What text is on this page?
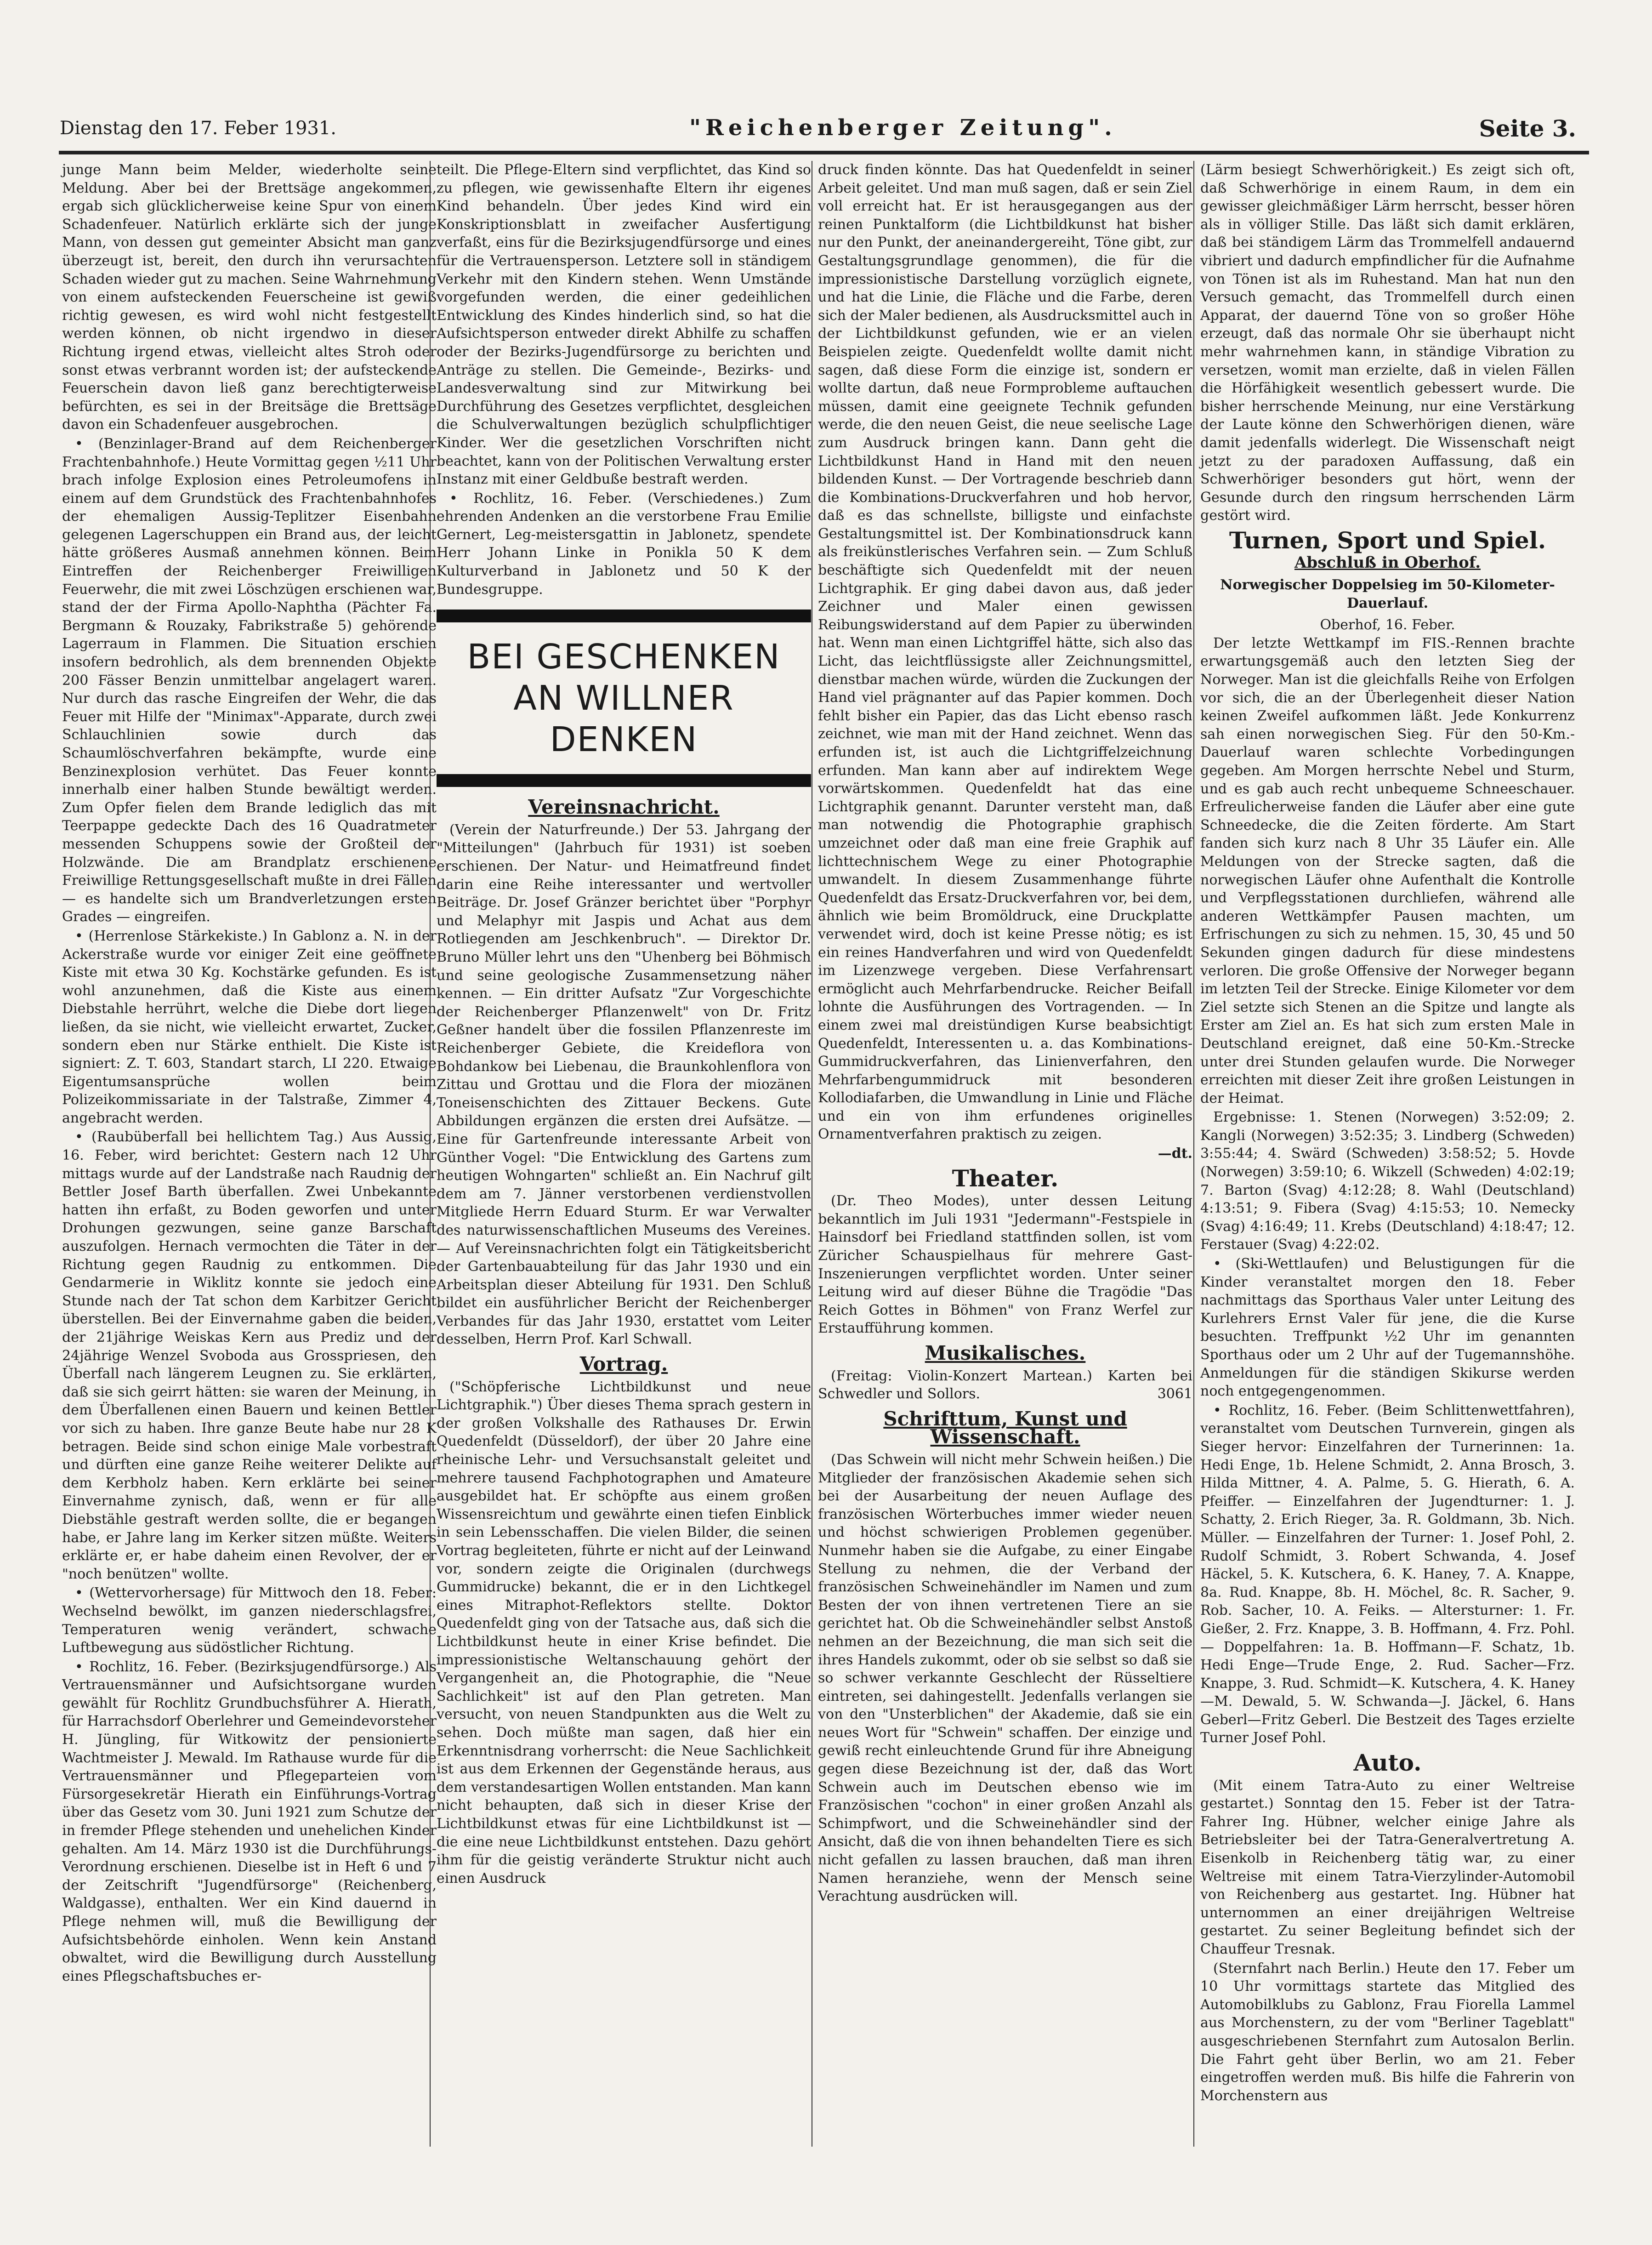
Dienstag den 17. Feber 1931.	"Reichenberger Zeitung".	Seite 3.

junge Mann beim Melder, wiederholte seine Meldung. Aber bei der Brettsäge angekommen, ergab sich glücklicherweise keine Spur von einem Schadenfeuer. Natürlich erklärte sich der junge Mann, von dessen gut gemeinter Absicht man ganz überzeugt ist, bereit, den durch ihn verursachten Schaden wieder gut zu machen. Seine Wahrnehmung von einem aufsteckenden Feuerscheine ist gewiß richtig gewesen, es wird wohl nicht festgestellt werden können, ob nicht irgendwo in dieser Richtung irgend etwas, vielleicht altes Stroh oder sonst etwas verbrannt worden ist; der aufsteckende Feuerschein davon ließ ganz berechtigterweise befürchten, es sei in der Breitsäge die Brettsäge davon ein Schadenfeuer ausgebrochen.

• (Benzinlager-Brand auf dem Reichenberger Frachtenbahnhofe.) Heute Vormittag gegen ½11 Uhr brach infolge Explosion eines Petroleumofens in einem auf dem Grundstück des Frachtenbahnhofes der ehemaligen Aussig-Teplitzer Eisenbahn gelegenen Lagerschuppen ein Brand aus, der leicht hätte größeres Ausmaß annehmen können. Beim Eintreffen der Reichenberger Freiwilligen Feuerwehr, die mit zwei Löschzügen erschienen war, stand der der Firma Apollo-Naphtha (Pächter Fa. Bergmann & Rouzaky, Fabrikstraße 5) gehörende Lagerraum in Flammen. Die Situation erschien insofern bedrohlich, als dem brennenden Objekte 200 Fässer Benzin unmittelbar angelagert waren. Nur durch das rasche Eingreifen der Wehr, die das Feuer mit Hilfe der "Minimax"-Apparate, durch zwei Schlauchlinien sowie durch das Schaumlöschverfahren bekämpfte, wurde eine Benzinexplosion verhütet. Das Feuer konnte innerhalb einer halben Stunde bewältigt werden. Zum Opfer fielen dem Brande lediglich das mit Teerpappe gedeckte Dach des 16 Quadratmeter messenden Schuppens sowie der Großteil der Holzwände. Die am Brandplatz erschienene Freiwillige Rettungsgesellschaft mußte in drei Fällen — es handelte sich um Brandverletzungen ersten Grades — eingreifen.

• (Herrenlose Stärkekiste.) In Gablonz a. N. in der Ackerstraße wurde vor einiger Zeit eine geöffnete Kiste mit etwa 30 Kg. Kochstärke gefunden. Es ist wohl anzunehmen, daß die Kiste aus einem Diebstahle herrührt, welche die Diebe dort liegen ließen, da sie nicht, wie vielleicht erwartet, Zucker, sondern eben nur Stärke enthielt. Die Kiste ist signiert: Z. T. 603, Standart starch, LI 220. Etwaige Eigentumsansprüche wollen beim Polizeikommissariate in der Talstraße, Zimmer 4, angebracht werden.

• (Raubüberfall bei hellichtem Tag.) Aus Aussig, 16. Feber, wird berichtet: Gestern nach 12 Uhr mittags wurde auf der Landstraße nach Raudnig der Bettler Josef Barth überfallen. Zwei Unbekannte hatten ihn erfaßt, zu Boden geworfen und unter Drohungen gezwungen, seine ganze Barschaft auszufolgen. Hernach vermochten die Täter in der Richtung gegen Raudnig zu entkommen. Die Gendarmerie in Wiklitz konnte sie jedoch eine Stunde nach der Tat schon dem Karbitzer Gericht überstellen. Bei der Einvernahme gaben die beiden, der 21jährige Weiskas Kern aus Prediz und der 24jährige Wenzel Svoboda aus Grosspriesen, den Überfall nach längerem Leugnen zu. Sie erklärten, daß sie sich geirrt hätten: sie waren der Meinung, in dem Überfallenen einen Bauern und keinen Bettler vor sich zu haben. Ihre ganze Beute habe nur 28 K betragen. Beide sind schon einige Male vorbestraft und dürften eine ganze Reihe weiterer Delikte auf dem Kerbholz haben. Kern erklärte bei seiner Einvernahme zynisch, daß, wenn er für alle Diebstähle gestraft werden sollte, die er begangen habe, er Jahre lang im Kerker sitzen müßte. Weiters erklärte er, er habe daheim einen Revolver, der er "noch benützen" wollte.

• (Wettervorhersage) für Mittwoch den 18. Feber: Wechselnd bewölkt, im ganzen niederschlagsfrei, Temperaturen wenig verändert, schwache Luftbewegung aus südöstlicher Richtung.

• Rochlitz, 16. Feber. (Bezirksjugendfürsorge.) Als Vertrauensmänner und Aufsichtsorgane wurden gewählt für Rochlitz Grundbuchsführer A. Hierath, für Harrachsdorf Oberlehrer und Gemeindevorsteher H. Jüngling, für Witkowitz der pensionierte Wachtmeister J. Mewald. Im Rathause wurde für die Vertrauensmänner und Pflegeparteien vom Fürsorgesekretär Hierath ein Einführungs-Vortrag über das Gesetz vom 30. Juni 1921 zum Schutze der in fremder Pflege stehenden und unehelichen Kinder gehalten. Am 14. März 1930 ist die Durchführungs-Verordnung erschienen. Dieselbe ist in Heft 6 und 7 der Zeitschrift "Jugendfürsorge" (Reichenberg, Waldgasse), enthalten. Wer ein Kind dauernd in Pflege nehmen will, muß die Bewilligung der Aufsichtsbehörde einholen. Wenn kein Anstand obwaltet, wird die Bewilligung durch Ausstellung eines Pflegschaftsbuches er-

teilt. Die Pflege-Eltern sind verpflichtet, das Kind so zu pflegen, wie gewissenhafte Eltern ihr eigenes Kind behandeln. Über jedes Kind wird ein Konskriptionsblatt in zweifacher Ausfertigung verfaßt, eins für die Bezirksjugendfürsorge und eines für die Vertrauensperson. Letztere soll in ständigem Verkehr mit den Kindern stehen. Wenn Umstände vorgefunden werden, die einer gedeihlichen Entwicklung des Kindes hinderlich sind, so hat die Aufsichtsperson entweder direkt Abhilfe zu schaffen oder der Bezirks-Jugendfürsorge zu berichten und Anträge zu stellen. Die Gemeinde-, Bezirks- und Landesverwaltung sind zur Mitwirkung bei Durchführung des Gesetzes verpflichtet, desgleichen die Schulverwaltungen bezüglich schulpflichtiger Kinder. Wer die gesetzlichen Vorschriften nicht beachtet, kann von der Politischen Verwaltung erster Instanz mit einer Geldbuße bestraft werden.

• Rochlitz, 16. Feber. (Verschiedenes.) Zum ehrenden Andenken an die verstorbene Frau Emilie Gernert, Leg-meistersgattin in Jablonetz, spendete Herr Johann Linke in Ponikla 50 K dem Kulturverband in Jablonetz und 50 K der Bundesgruppe.

BEI GESCHENKEN
AN WILLNER DENKEN
Vereinsnachricht.

(Verein der Naturfreunde.) Der 53. Jahrgang der "Mitteilungen" (Jahrbuch für 1931) ist soeben erschienen. Der Natur- und Heimatfreund findet darin eine Reihe interessanter und wertvoller Beiträge. Dr. Josef Gränzer berichtet über "Porphyr und Melaphyr mit Jaspis und Achat aus dem Rotliegenden am Jeschkenbruch". — Direktor Dr. Bruno Müller lehrt uns den "Uhenberg bei Böhmisch und seine geologische Zusammensetzung näher kennen. — Ein dritter Aufsatz "Zur Vorgeschichte der Reichenberger Pflanzenwelt" von Dr. Fritz Geßner handelt über die fossilen Pflanzenreste im Reichenberger Gebiete, die Kreideflora von Bohdankow bei Liebenau, die Braunkohlenflora von Zittau und Grottau und die Flora der miozänen Toneisenschichten des Zittauer Beckens. Gute Abbildungen ergänzen die ersten drei Aufsätze. — Eine für Gartenfreunde interessante Arbeit von Günther Vogel: "Die Entwicklung des Gartens zum heutigen Wohngarten" schließt an. Ein Nachruf gilt dem am 7. Jänner verstorbenen verdienstvollen Mitgliede Herrn Eduard Sturm. Er war Verwalter des naturwissenschaftlichen Museums des Vereines. — Auf Vereinsnachrichten folgt ein Tätigkeitsbericht der Gartenbauabteilung für das Jahr 1930 und ein Arbeitsplan dieser Abteilung für 1931. Den Schluß bildet ein ausführlicher Bericht der Reichenberger Verbandes für das Jahr 1930, erstattet vom Leiter desselben, Herrn Prof. Karl Schwall.

Vortrag.

("Schöpferische Lichtbildkunst und neue Lichtgraphik.") Über dieses Thema sprach gestern in der großen Volkshalle des Rathauses Dr. Erwin Quedenfeldt (Düsseldorf), der über 20 Jahre eine rheinische Lehr- und Versuchsanstalt geleitet und mehrere tausend Fachphotographen und Amateure ausgebildet hat. Er schöpfte aus einem großen Wissensreichtum und gewährte einen tiefen Einblick in sein Lebensschaffen. Die vielen Bilder, die seinen Vortrag begleiteten, führte er nicht auf der Leinwand vor, sondern zeigte die Originalen (durchwegs Gummidrucke) bekannt, die er in den Lichtkegel eines Mitraphot-Reflektors stellte. Doktor Quedenfeldt ging von der Tatsache aus, daß sich die Lichtbildkunst heute in einer Krise befindet. Die impressionistische Weltanschauung gehört der Vergangenheit an, die Photographie, die "Neue Sachlichkeit" ist auf den Plan getreten. Man versucht, von neuen Standpunkten aus die Welt zu sehen. Doch müßte man sagen, daß hier ein Erkenntnisdrang vorherrscht: die Neue Sachlichkeit ist aus dem Erkennen der Gegenstände heraus, aus dem verstandesartigen Wollen entstanden. Man kann nicht behaupten, daß sich in dieser Krise der Lichtbildkunst etwas für eine Lichtbildkunst ist — die eine neue Lichtbildkunst entstehen. Dazu gehört ihm für die geistig veränderte Struktur nicht auch einen Ausdruck

druck finden könnte. Das hat Quedenfeldt in seiner Arbeit geleitet. Und man muß sagen, daß er sein Ziel voll erreicht hat. Er ist herausgegangen aus der reinen Punktalform (die Lichtbildkunst hat bisher nur den Punkt, der aneinandergereiht, Töne gibt, zur Gestaltungsgrundlage genommen), die für die impressionistische Darstellung vorzüglich eignete, und hat die Linie, die Fläche und die Farbe, deren sich der Maler bedienen, als Ausdrucksmittel auch in der Lichtbildkunst gefunden, wie er an vielen Beispielen zeigte. Quedenfeldt wollte damit nicht sagen, daß diese Form die einzige ist, sondern er wollte dartun, daß neue Formprobleme auftauchen müssen, damit eine geeignete Technik gefunden werde, die den neuen Geist, die neue seelische Lage zum Ausdruck bringen kann. Dann geht die Lichtbildkunst Hand in Hand mit den neuen bildenden Kunst. — Der Vortragende beschrieb dann die Kombinations-Druckverfahren und hob hervor, daß es das schnellste, billigste und einfachste Gestaltungsmittel ist. Der Kombinationsdruck kann als freikünstlerisches Verfahren sein. — Zum Schluß beschäftigte sich Quedenfeldt mit der neuen Lichtgraphik. Er ging dabei davon aus, daß jeder Zeichner und Maler einen gewissen Reibungswiderstand auf dem Papier zu überwinden hat. Wenn man einen Lichtgriffel hätte, sich also das Licht, das leichtflüssigste aller Zeichnungsmittel, dienstbar machen würde, würden die Zuckungen der Hand viel prägnanter auf das Papier kommen. Doch fehlt bisher ein Papier, das das Licht ebenso rasch zeichnet, wie man mit der Hand zeichnet. Wenn das erfunden ist, ist auch die Lichtgriffelzeichnung erfunden. Man kann aber auf indirektem Wege vorwärtskommen. Quedenfeldt hat das eine Lichtgraphik genannt. Darunter versteht man, daß man notwendig die Photographie graphisch umzeichnet oder daß man eine freie Graphik auf lichttechnischem Wege zu einer Photographie umwandelt. In diesem Zusammenhange führte Quedenfeldt das Ersatz-Druckverfahren vor, bei dem, ähnlich wie beim Bromöldruck, eine Druckplatte verwendet wird, doch ist keine Presse nötig; es ist ein reines Handverfahren und wird von Quedenfeldt im Lizenzwege vergeben. Diese Verfahrensart ermöglicht auch Mehrfarbendrucke. Reicher Beifall lohnte die Ausführungen des Vortragenden. — In einem zwei mal dreistündigen Kurse beabsichtigt Quedenfeldt, Interessenten u. a. das Kombinations-Gummidruckverfahren, das Linienverfahren, den Mehrfarbengummidruck mit besonderen Kollodiafarben, die Umwandlung in Linie und Fläche und ein von ihm erfundenes originelles Ornamentverfahren praktisch zu zeigen.

—dt.
Theater.

(Dr. Theo Modes), unter dessen Leitung bekanntlich im Juli 1931 "Jedermann"-Festspiele in Hainsdorf bei Friedland stattfinden sollen, ist vom Züricher Schauspielhaus für mehrere Gast-Inszenierungen verpflichtet worden. Unter seiner Leitung wird auf dieser Bühne die Tragödie "Das Reich Gottes in Böhmen" von Franz Werfel zur Erstaufführung kommen.

Musikalisches.

(Freitag: Violin-Konzert Martean.) Karten bei Schwedler und Sollors.	3061

Schrifttum, Kunst und Wissenschaft.

(Das Schwein will nicht mehr Schwein heißen.) Die Mitglieder der französischen Akademie sehen sich bei der Ausarbeitung der neuen Auflage des französischen Wörterbuches immer wieder neuen und höchst schwierigen Problemen gegenüber. Nunmehr haben sie die Aufgabe, zu einer Eingabe Stellung zu nehmen, die der Verband der französischen Schweinehändler im Namen und zum Besten der von ihnen vertretenen Tiere an sie gerichtet hat. Ob die Schweinehändler selbst Anstoß nehmen an der Bezeichnung, die man sich seit die ihres Handels zukommt, oder ob sie selbst so daß sie so schwer verkannte Geschlecht der Rüsseltiere eintreten, sei dahingestellt. Jedenfalls verlangen sie von den "Unsterblichen" der Akademie, daß sie ein neues Wort für "Schwein" schaffen. Der einzige und gewiß recht einleuchtende Grund für ihre Abneigung gegen diese Bezeichnung ist der, daß das Wort Schwein auch im Deutschen ebenso wie im Französischen "cochon" in einer großen Anzahl als Schimpfwort, und die Schweinehändler sind der Ansicht, daß die von ihnen behandelten Tiere es sich nicht gefallen zu lassen brauchen, daß man ihren Namen heranziehe, wenn der Mensch seine Verachtung ausdrücken will.

(Lärm besiegt Schwerhörigkeit.) Es zeigt sich oft, daß Schwerhörige in einem Raum, in dem ein gewisser gleichmäßiger Lärm herrscht, besser hören als in völliger Stille. Das läßt sich damit erklären, daß bei ständigem Lärm das Trommelfell andauernd vibriert und dadurch empfindlicher für die Aufnahme von Tönen ist als im Ruhestand. Man hat nun den Versuch gemacht, das Trommelfell durch einen Apparat, der dauernd Töne von so großer Höhe erzeugt, daß das normale Ohr sie überhaupt nicht mehr wahrnehmen kann, in ständige Vibration zu versetzen, womit man erzielte, daß in vielen Fällen die Hörfähigkeit wesentlich gebessert wurde. Die bisher herrschende Meinung, nur eine Verstärkung der Laute könne den Schwerhörigen dienen, wäre damit jedenfalls widerlegt. Die Wissenschaft neigt jetzt zu der paradoxen Auffassung, daß ein Schwerhöriger besonders gut hört, wenn der Gesunde durch den ringsum herrschenden Lärm gestört wird.

Turnen, Sport und Spiel.
Abschluß in Oberhof.
Norwegischer Doppelsieg im 50-Kilometer-Dauerlauf.
Oberhof, 16. Feber.

Der letzte Wettkampf im FIS.-Rennen brachte erwartungsgemäß auch den letzten Sieg der Norweger. Man ist die gleichfalls Reihe von Erfolgen vor sich, die an der Überlegenheit dieser Nation keinen Zweifel aufkommen läßt. Jede Konkurrenz sah einen norwegischen Sieg. Für den 50-Km.-Dauerlauf waren schlechte Vorbedingungen gegeben. Am Morgen herrschte Nebel und Sturm, und es gab auch recht unbequeme Schneeschauer. Erfreulicherweise fanden die Läufer aber eine gute Schneedecke, die die Zeiten förderte. Am Start fanden sich kurz nach 8 Uhr 35 Läufer ein. Alle Meldungen von der Strecke sagten, daß die norwegischen Läufer ohne Aufenthalt die Kontrolle und Verpflegsstationen durchliefen, während alle anderen Wettkämpfer Pausen machten, um Erfrischungen zu sich zu nehmen. 15, 30, 45 und 50 Sekunden gingen dadurch für diese mindestens verloren. Die große Offensive der Norweger begann im letzten Teil der Strecke. Einige Kilometer vor dem Ziel setzte sich Stenen an die Spitze und langte als Erster am Ziel an. Es hat sich zum ersten Male in Deutschland ereignet, daß eine 50-Km.-Strecke unter drei Stunden gelaufen wurde. Die Norweger erreichten mit dieser Zeit ihre großen Leistungen in der Heimat.

Ergebnisse: 1. Stenen (Norwegen) 3:52:09; 2. Kangli (Norwegen) 3:52:35; 3. Lindberg (Schweden) 3:55:44; 4. Swärd (Schweden) 3:58:52; 5. Hovde (Norwegen) 3:59:10; 6. Wikzell (Schweden) 4:02:19; 7. Barton (Svag) 4:12:28; 8. Wahl (Deutschland) 4:13:51; 9. Fibera (Svag) 4:15:53; 10. Nemecky (Svag) 4:16:49; 11. Krebs (Deutschland) 4:18:47; 12. Ferstauer (Svag) 4:22:02.

• (Ski-Wettlaufen) und Belustigungen für die Kinder veranstaltet morgen den 18. Feber nachmittags das Sporthaus Valer unter Leitung des Kurlehrers Ernst Valer für jene, die die Kurse besuchten. Treffpunkt ½2 Uhr im genannten Sporthaus oder um 2 Uhr auf der Tugemannshöhe. Anmeldungen für die ständigen Skikurse werden noch entgegengenommen.

• Rochlitz, 16. Feber. (Beim Schlittenwettfahren), veranstaltet vom Deutschen Turnverein, gingen als Sieger hervor: Einzelfahren der Turnerinnen: 1a. Hedi Enge, 1b. Helene Schmidt, 2. Anna Brosch, 3. Hilda Mittner, 4. A. Palme, 5. G. Hierath, 6. A. Pfeiffer. — Einzelfahren der Jugendturner: 1. J. Schatty, 2. Erich Rieger, 3a. R. Goldmann, 3b. Nich. Müller. — Einzelfahren der Turner: 1. Josef Pohl, 2. Rudolf Schmidt, 3. Robert Schwanda, 4. Josef Häckel, 5. K. Kutschera, 6. K. Haney, 7. A. Knappe, 8a. Rud. Knappe, 8b. H. Möchel, 8c. R. Sacher, 9. Rob. Sacher, 10. A. Feiks. — Altersturner: 1. Fr. Gießer, 2. Frz. Knappe, 3. B. Hoffmann, 4. Frz. Pohl. — Doppelfahren: 1a. B. Hoffmann—F. Schatz, 1b. Hedi Enge—Trude Enge, 2. Rud. Sacher—Frz. Knappe, 3. Rud. Schmidt—K. Kutschera, 4. K. Haney—M. Dewald, 5. W. Schwanda—J. Jäckel, 6. Hans Geberl—Fritz Geberl. Die Bestzeit des Tages erzielte Turner Josef Pohl.

Auto.

(Mit einem Tatra-Auto zu einer Weltreise gestartet.) Sonntag den 15. Feber ist der Tatra-Fahrer Ing. Hübner, welcher einige Jahre als Betriebsleiter bei der Tatra-Generalvertretung A. Eisenkolb in Reichenberg tätig war, zu einer Weltreise mit einem Tatra-Vierzylinder-Automobil von Reichenberg aus gestartet. Ing. Hübner hat unternommen an einer dreijährigen Weltreise gestartet. Zu seiner Begleitung befindet sich der Chauffeur Tresnak.

(Sternfahrt nach Berlin.) Heute den 17. Feber um 10 Uhr vormittags startete das Mitglied des Automobilklubs zu Gablonz, Frau Fiorella Lammel aus Morchenstern, zu der vom "Berliner Tageblatt" ausgeschriebenen Sternfahrt zum Autosalon Berlin. Die Fahrt geht über Berlin, wo am 21. Feber eingetroffen werden muß. Bis hilfe die Fahrerin von Morchenstern aus
